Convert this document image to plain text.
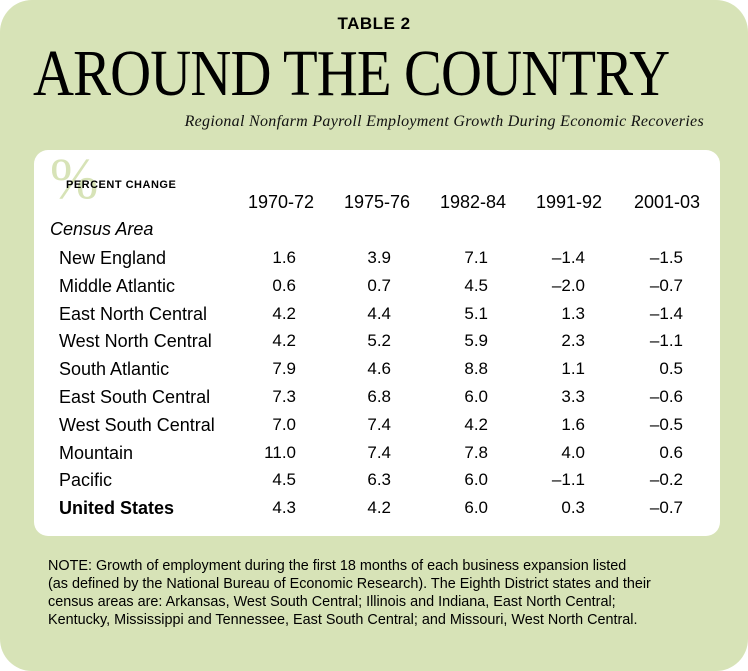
TABLE 2
AROUND THE COUNTRY
Regional Nonfarm Payroll Employment Growth During Economic Recoveries
%
PERCENT CHANGE
1970-72	1975-76	1982-84	1991-92	2001-03
Census Area
New England	1.6	3.9	7.1	–1.4	–1.5
Middle Atlantic	0.6	0.7	4.5	–2.0	–0.7
East North Central	4.2	4.4	5.1	1.3	–1.4
West North Central	4.2	5.2	5.9	2.3	–1.1
South Atlantic	7.9	4.6	8.8	1.1	0.5
East South Central	7.3	6.8	6.0	3.3	–0.6
West South Central	7.0	7.4	4.2	1.6	–0.5
Mountain	11.0	7.4	7.8	4.0	0.6
Pacific	4.5	6.3	6.0	–1.1	–0.2
United States	4.3	4.2	6.0	0.3	–0.7

NOTE: Growth of employment during the first 18 months of each business expansion listed

(as defined by the National Bureau of Economic Research). The Eighth District states and their

census areas are: Arkansas, West South Central; Illinois and Indiana, East North Central;

Kentucky, Mississippi and Tennessee, East South Central; and Missouri, West North Central.
